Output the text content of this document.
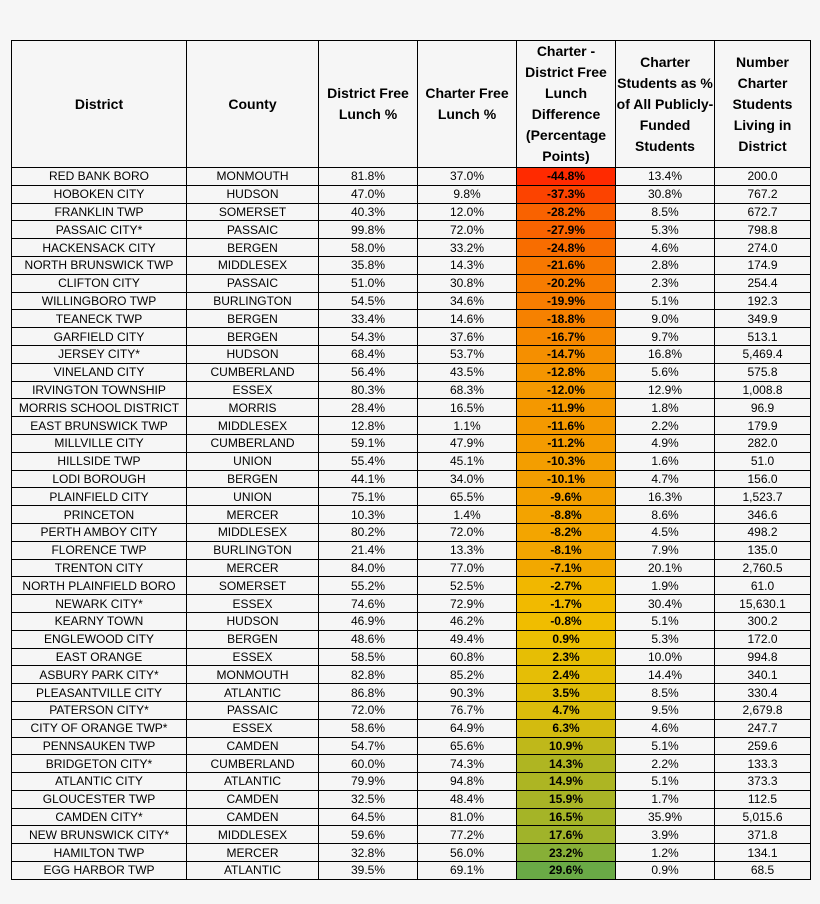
District	County	District Free Lunch %	Charter Free Lunch %	Charter - District Free Lunch Difference (Percentage Points)	Charter Students as % of All Publicly-Funded Students	Number Charter Students Living in District
RED BANK BORO	MONMOUTH	81.8%	37.0%	-44.8%	13.4%	200.0
HOBOKEN CITY	HUDSON	47.0%	9.8%	-37.3%	30.8%	767.2
FRANKLIN TWP	SOMERSET	40.3%	12.0%	-28.2%	8.5%	672.7
PASSAIC CITY*	PASSAIC	99.8%	72.0%	-27.9%	5.3%	798.8
HACKENSACK CITY	BERGEN	58.0%	33.2%	-24.8%	4.6%	274.0
NORTH BRUNSWICK TWP	MIDDLESEX	35.8%	14.3%	-21.6%	2.8%	174.9
CLIFTON CITY	PASSAIC	51.0%	30.8%	-20.2%	2.3%	254.4
WILLINGBORO TWP	BURLINGTON	54.5%	34.6%	-19.9%	5.1%	192.3
TEANECK TWP	BERGEN	33.4%	14.6%	-18.8%	9.0%	349.9
GARFIELD CITY	BERGEN	54.3%	37.6%	-16.7%	9.7%	513.1
JERSEY CITY*	HUDSON	68.4%	53.7%	-14.7%	16.8%	5,469.4
VINELAND CITY	CUMBERLAND	56.4%	43.5%	-12.8%	5.6%	575.8
IRVINGTON TOWNSHIP	ESSEX	80.3%	68.3%	-12.0%	12.9%	1,008.8
MORRIS SCHOOL DISTRICT	MORRIS	28.4%	16.5%	-11.9%	1.8%	96.9
EAST BRUNSWICK TWP	MIDDLESEX	12.8%	1.1%	-11.6%	2.2%	179.9
MILLVILLE CITY	CUMBERLAND	59.1%	47.9%	-11.2%	4.9%	282.0
HILLSIDE TWP	UNION	55.4%	45.1%	-10.3%	1.6%	51.0
LODI BOROUGH	BERGEN	44.1%	34.0%	-10.1%	4.7%	156.0
PLAINFIELD CITY	UNION	75.1%	65.5%	-9.6%	16.3%	1,523.7
PRINCETON	MERCER	10.3%	1.4%	-8.8%	8.6%	346.6
PERTH AMBOY CITY	MIDDLESEX	80.2%	72.0%	-8.2%	4.5%	498.2
FLORENCE TWP	BURLINGTON	21.4%	13.3%	-8.1%	7.9%	135.0
TRENTON CITY	MERCER	84.0%	77.0%	-7.1%	20.1%	2,760.5
NORTH PLAINFIELD BORO	SOMERSET	55.2%	52.5%	-2.7%	1.9%	61.0
NEWARK CITY*	ESSEX	74.6%	72.9%	-1.7%	30.4%	15,630.1
KEARNY TOWN	HUDSON	46.9%	46.2%	-0.8%	5.1%	300.2
ENGLEWOOD CITY	BERGEN	48.6%	49.4%	0.9%	5.3%	172.0
EAST ORANGE	ESSEX	58.5%	60.8%	2.3%	10.0%	994.8
ASBURY PARK CITY*	MONMOUTH	82.8%	85.2%	2.4%	14.4%	340.1
PLEASANTVILLE CITY	ATLANTIC	86.8%	90.3%	3.5%	8.5%	330.4
PATERSON CITY*	PASSAIC	72.0%	76.7%	4.7%	9.5%	2,679.8
CITY OF ORANGE TWP*	ESSEX	58.6%	64.9%	6.3%	4.6%	247.7
PENNSAUKEN TWP	CAMDEN	54.7%	65.6%	10.9%	5.1%	259.6
BRIDGETON CITY*	CUMBERLAND	60.0%	74.3%	14.3%	2.2%	133.3
ATLANTIC CITY	ATLANTIC	79.9%	94.8%	14.9%	5.1%	373.3
GLOUCESTER TWP	CAMDEN	32.5%	48.4%	15.9%	1.7%	112.5
CAMDEN CITY*	CAMDEN	64.5%	81.0%	16.5%	35.9%	5,015.6
NEW BRUNSWICK CITY*	MIDDLESEX	59.6%	77.2%	17.6%	3.9%	371.8
HAMILTON TWP	MERCER	32.8%	56.0%	23.2%	1.2%	134.1
EGG HARBOR TWP	ATLANTIC	39.5%	69.1%	29.6%	0.9%	68.5
